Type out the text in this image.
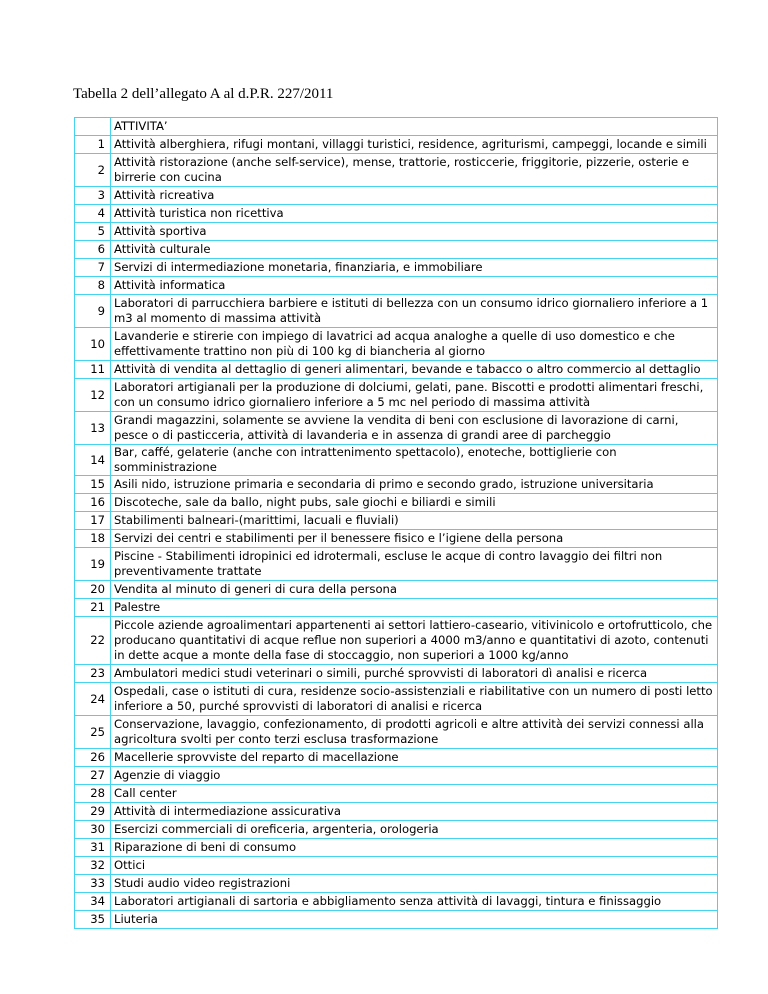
Tabella 2 dell’allegato A al d.P.R. 227/2011
	ATTIVITA’
1	Attività alberghiera, rifugi montani, villaggi turistici, residence, agriturismi, campeggi, locande e simili
2	Attività ristorazione (anche self-service), mense, trattorie, rosticcerie, friggitorie, pizzerie, osterie e birrerie con cucina
3	Attività ricreativa
4	Attività turistica non ricettiva
5	Attività sportiva
6	Attività culturale
7	Servizi di intermediazione monetaria, finanziaria, e immobiliare
8	Attività informatica
9	Laboratori di parrucchiera barbiere e istituti di bellezza con un consumo idrico giornaliero inferiore a 1 m3 al momento di massima attività
10	Lavanderie e stirerie con impiego di lavatrici ad acqua analoghe a quelle di uso domestico e che effettivamente trattino non più di 100 kg di biancheria al giorno
11	Attività di vendita al dettaglio di generi alimentari, bevande e tabacco o altro commercio al dettaglio
12	Laboratori artigianali per la produzione di dolciumi, gelati, pane. Biscotti e prodotti alimentari freschi, con un consumo idrico giornaliero inferiore a 5 mc nel periodo di massima attività
13	Grandi magazzini, solamente se avviene la vendita di beni con esclusione di lavorazione di carni, pesce o di pasticceria, attività di lavanderia e in assenza di grandi aree di parcheggio
14	Bar, caffé, gelaterie (anche con intrattenimento spettacolo), enoteche, bottiglierie con somministrazione
15	Asili nido, istruzione primaria e secondaria di primo e secondo grado, istruzione universitaria
16	Discoteche, sale da ballo, night pubs, sale giochi e biliardi e simili
17	Stabilimenti balneari-(marittimi, lacuali e fluviali)
18	Servizi dei centri e stabilimenti per il benessere fisico e l’igiene della persona
19	Piscine - Stabilimenti idropinici ed idrotermali, escluse le acque di contro lavaggio dei filtri non preventivamente trattate
20	Vendita al minuto di generi di cura della persona
21	Palestre
22	Piccole aziende agroalimentari appartenenti ai settori lattiero-caseario, vitivinicolo e ortofrutticolo, che producano quantitativi di acque reflue non superiori a 4000 m3/anno e quantitativi di azoto, contenuti in dette acque a monte della fase di stoccaggio, non superiori a 1000 kg/anno
23	Ambulatori medici studi veterinari o simili, purché sprovvisti di laboratori dì analisi e ricerca
24	Ospedali, case o istituti di cura, residenze socio-assistenziali e riabilitative con un numero di posti letto inferiore a 50, purché sprovvisti di laboratori di analisi e ricerca
25	Conservazione, lavaggio, confezionamento, di prodotti agricoli e altre attività dei servizi connessi alla agricoltura svolti per conto terzi esclusa trasformazione
26	Macellerie sprovviste del reparto di macellazione
27	Agenzie di viaggio
28	Call center
29	Attività di intermediazione assicurativa
30	Esercizi commerciali di oreficeria, argenteria, orologeria
31	Riparazione di beni di consumo
32	Ottici
33	Studi audio video registrazioni
34	Laboratori artigianali di sartoria e abbigliamento senza attività di lavaggi, tintura e finissaggio
35	Liuteria
